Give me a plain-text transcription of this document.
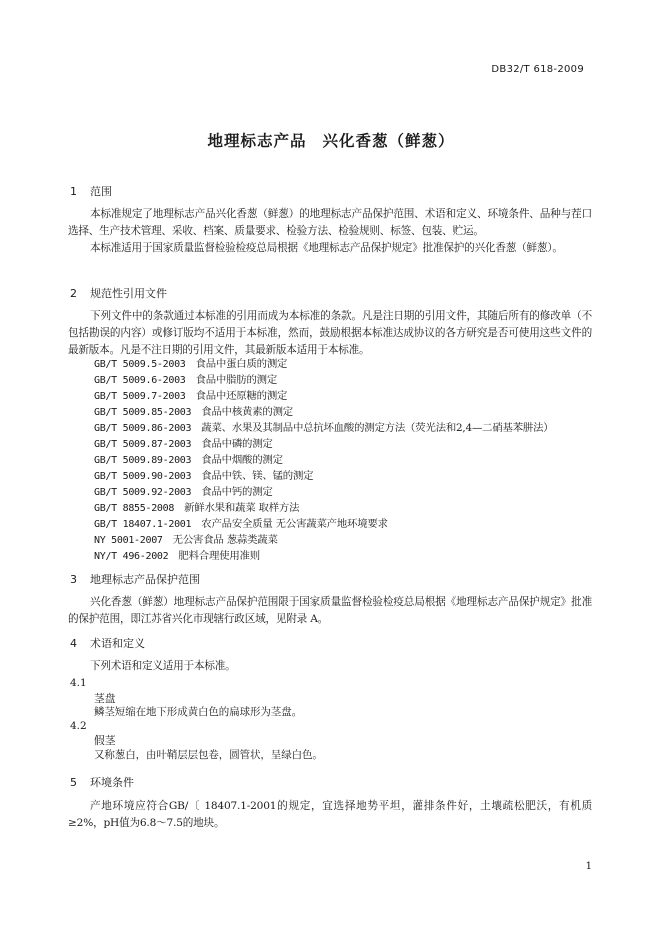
DB32/T 618-2009
地理标志产品 兴化香葱（鲜葱）
1 范围
本标准规定了地理标志产品兴化香葱（鲜葱）的地理标志产品保护范围、术语和定义、环境条件、品种与茬口选择、生产技术管理、采收、档案、质量要求、检验方法、检验规则、标签、包装、贮运。
本标准适用于国家质量监督检验检疫总局根据《地理标志产品保护规定》批准保护的兴化香葱（鲜葱）。
2 规范性引用文件
下列文件中的条款通过本标准的引用而成为本标准的条款。凡是注日期的引用文件，其随后所有的修改单（不包括勘误的内容）或修订版均不适用于本标准，然而，鼓励根据本标准达成协议的各方研究是否可使用这些文件的最新版本。凡是不注日期的引用文件，其最新版本适用于本标准。
GB/T 5009.5-2003 食品中蛋白质的测定
GB/T 5009.6-2003 食品中脂肪的测定
GB/T 5009.7-2003 食品中还原糖的测定
GB/T 5009.85-2003 食品中核黄素的测定
GB/T 5009.86-2003 蔬菜、水果及其制品中总抗坏血酸的测定方法（荧光法和2,4—二硝基苯肼法）
GB/T 5009.87-2003 食品中磷的测定
GB/T 5009.89-2003 食品中烟酸的测定
GB/T 5009.90-2003 食品中铁、镁、锰的测定
GB/T 5009.92-2003 食品中钙的测定
GB/T 8855-2008 新鲜水果和蔬菜 取样方法
GB/T 18407.1-2001 农产品安全质量 无公害蔬菜产地环境要求
NY 5001-2007 无公害食品 葱蒜类蔬菜
NY/T 496-2002 肥料合理使用准则
3 地理标志产品保护范围
兴化香葱（鲜葱）地理标志产品保护范围限于国家质量监督检验检疫总局根据《地理标志产品保护规定》批准的保护范围，即江苏省兴化市现辖行政区域，见附录 A。
4 术语和定义
下列术语和定义适用于本标准。
4.1
茎盘
鳞茎短缩在地下形成黄白色的扁球形为茎盘。
4.2
假茎
又称葱白，由叶鞘层层包卷，圆管状，呈绿白色。
5 环境条件
产地环境应符合GB/〔 18407.1-2001的规定，宜选择地势平坦，灌排条件好，土壤疏松肥沃，有机质≥2%，pH值为6.8～7.5的地块。
1
